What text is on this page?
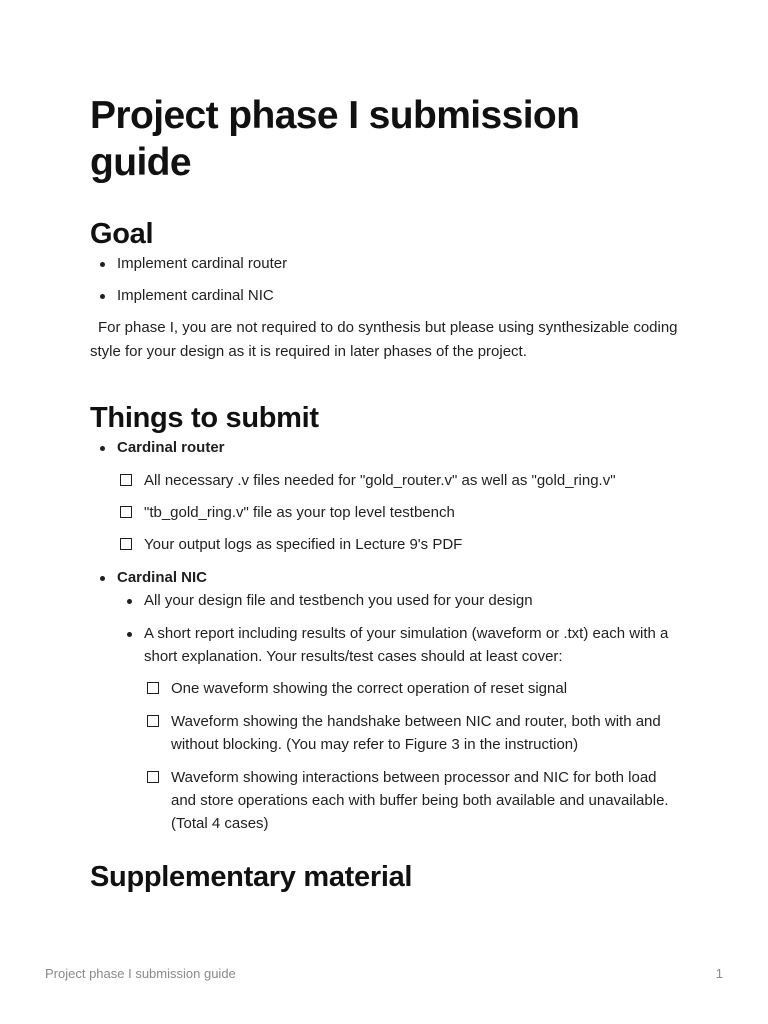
Project phase I submission guide
Goal
Implement cardinal router
Implement cardinal NIC

For phase I, you are not required to do synthesis but please using synthesizable coding style for your design as it is required in later phases of the project.

Things to submit
Cardinal router
All necessary .v files needed for "gold_router.v" as well as "gold_ring.v"
"tb_gold_ring.v" file as your top level testbench
Your output logs as specified in Lecture 9's PDF
Cardinal NIC
All your design file and testbench you used for your design
A short report including results of your simulation (waveform or .txt) each with a short explanation. Your results/test cases should at least cover:
One waveform showing the correct operation of reset signal
Waveform showing the handshake between NIC and router, both with and without blocking. (You may refer to Figure 3 in the instruction)
Waveform showing interactions between processor and NIC for both load and store operations each with buffer being both available and unavailable. (Total 4 cases)
Supplementary material
Project phase I submission guide	1
